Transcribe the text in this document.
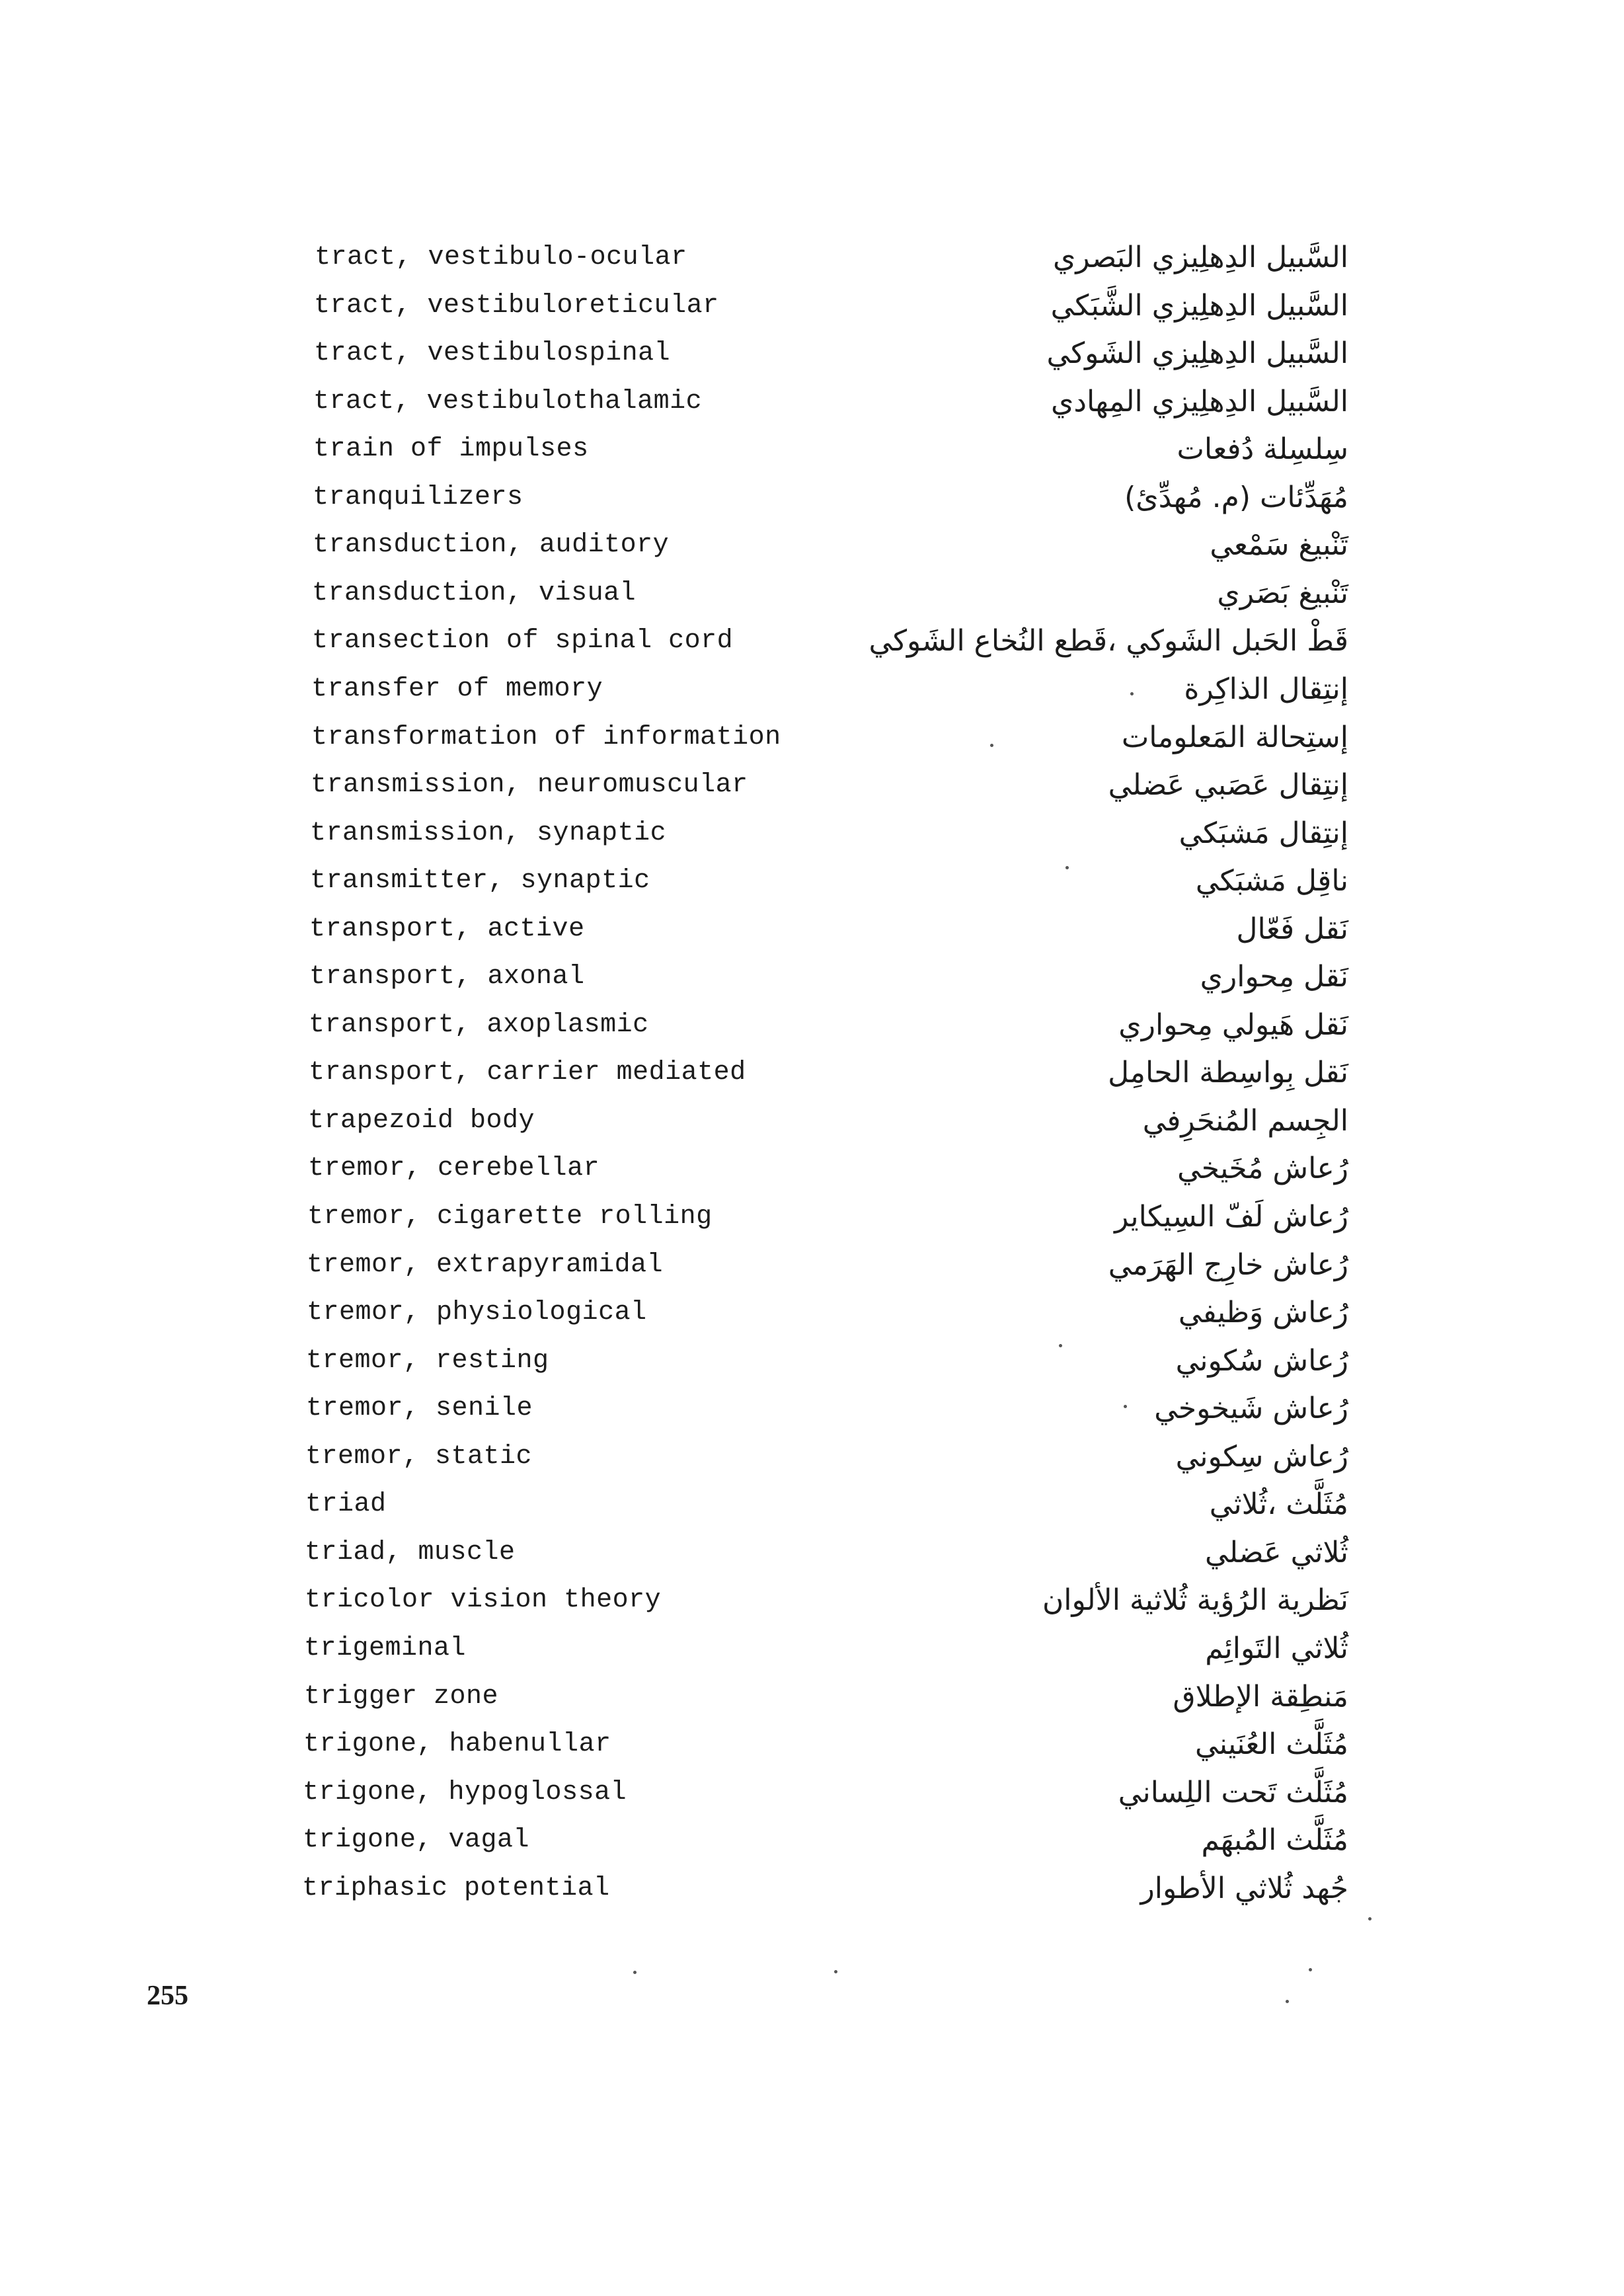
tract, vestibulo-ocular	السَّبيل الدِهلِيزي البَصري
tract, vestibuloreticular	السَّبيل الدِهلِيزي الشَّبَكي
tract, vestibulospinal	السَّبيل الدِهلِيزي الشَوكي
tract, vestibulothalamic	السَّبيل الدِهلِيزي المِهادي
train of impulses	سِلسِلة دُفعات
tranquilizers	مُهَدِّئات (م. مُهدِّئ)
transduction, auditory	تَنْبيغ سَمْعي
transduction, visual	تَنْبيغ بَصَري
transection of spinal cord	قَطْ الحَبل الشَوكي ،قَطع النُخاع الشَوكي
transfer of memory	إنتِقال الذاكِرة
transformation of information	إستِحالة المَعلومات
transmission, neuromuscular	إنتِقال عَصَبي عَضلي
transmission, synaptic	إنتِقال مَشبَكي
transmitter, synaptic	ناقِل مَشبَكي
transport, active	نَقل فَعّال
transport, axonal	نَقل مِحواري
transport, axoplasmic	نَقل هَيولي مِحواري
transport, carrier mediated	نَقل بِواسِطة الحامِل
trapezoid body	الجِسم المُنحَرِفي
tremor, cerebellar	رُعاش مُخَيخي
tremor, cigarette rolling	رُعاش لَفّ السِيكاير
tremor, extrapyramidal	رُعاش خارِج الهَرَمي
tremor, physiological	رُعاش وَظيفي
tremor, resting	رُعاش سُكوني
tremor, senile	رُعاش شَيخوخي
tremor, static	رُعاش سِكوني
triad	مُثَلَّث ،ثُلاثي
triad, muscle	ثُلاثي عَضلي
tricolor vision theory	نَظرية الرُؤية ثُلاثية الألوان
trigeminal	ثُلاثي التَوائِم
trigger zone	مَنطِقة الإطلاق
trigone, habenullar	مُثَلَّث العُنَيني
trigone, hypoglossal	مُثَلَّث تَحت اللِساني
trigone, vagal	مُثَلَّث المُبهَم
triphasic potential	جُهد ثُلاثي الأطوار
255
